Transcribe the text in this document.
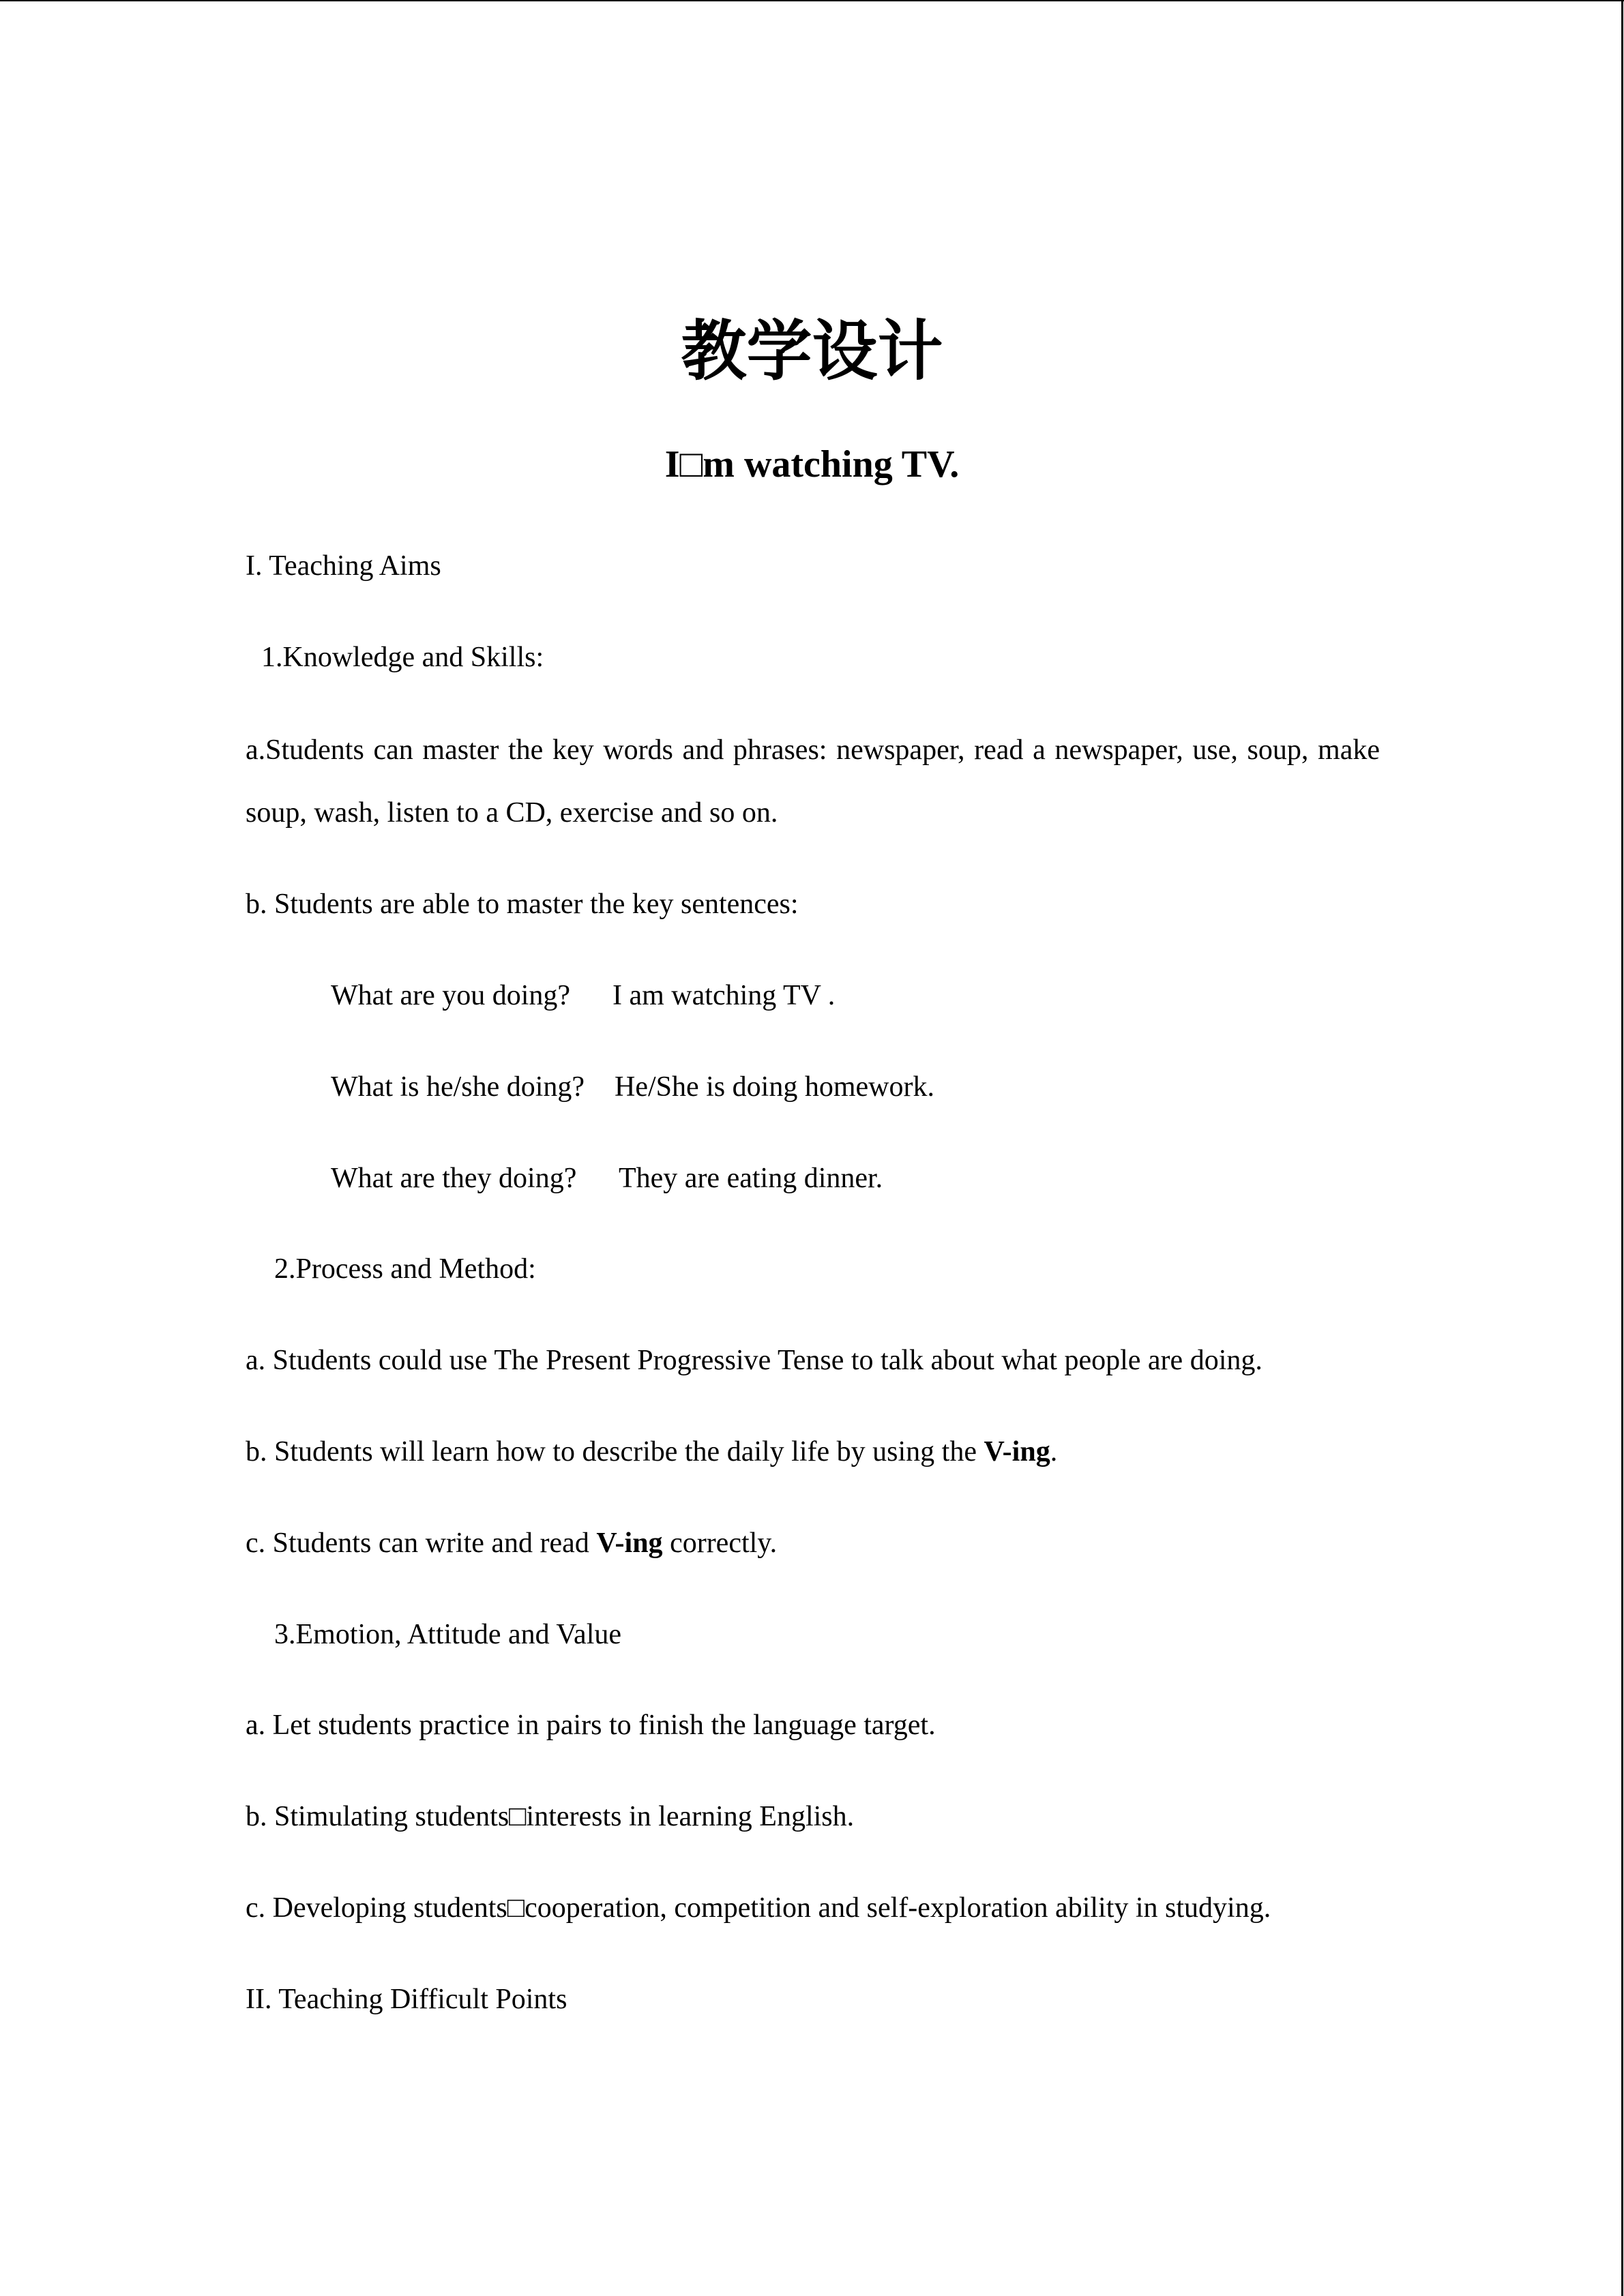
教学设计
I□m watching TV.
I. Teaching Aims
1.Knowledge and Skills:
a.Students can master the key words and phrases: newspaper, read a newspaper, use, soup, make soup, wash, listen to a CD, exercise and so on.
b. Students are able to master the key sentences:
What are you doing? I am watching TV .
What is he/she doing? He/She is doing homework.
What are they doing? They are eating dinner.
2.Process and Method:
a. Students could use The Present Progressive Tense to talk about what people are doing.
b. Students will learn how to describe the daily life by using the V-ing.
c. Students can write and read V-ing correctly.
3.Emotion, Attitude and Value
a. Let students practice in pairs to finish the language target.
b. Stimulating students□interests in learning English.
c. Developing students□cooperation, competition and self-exploration ability in studying.
II. Teaching Difficult Points
